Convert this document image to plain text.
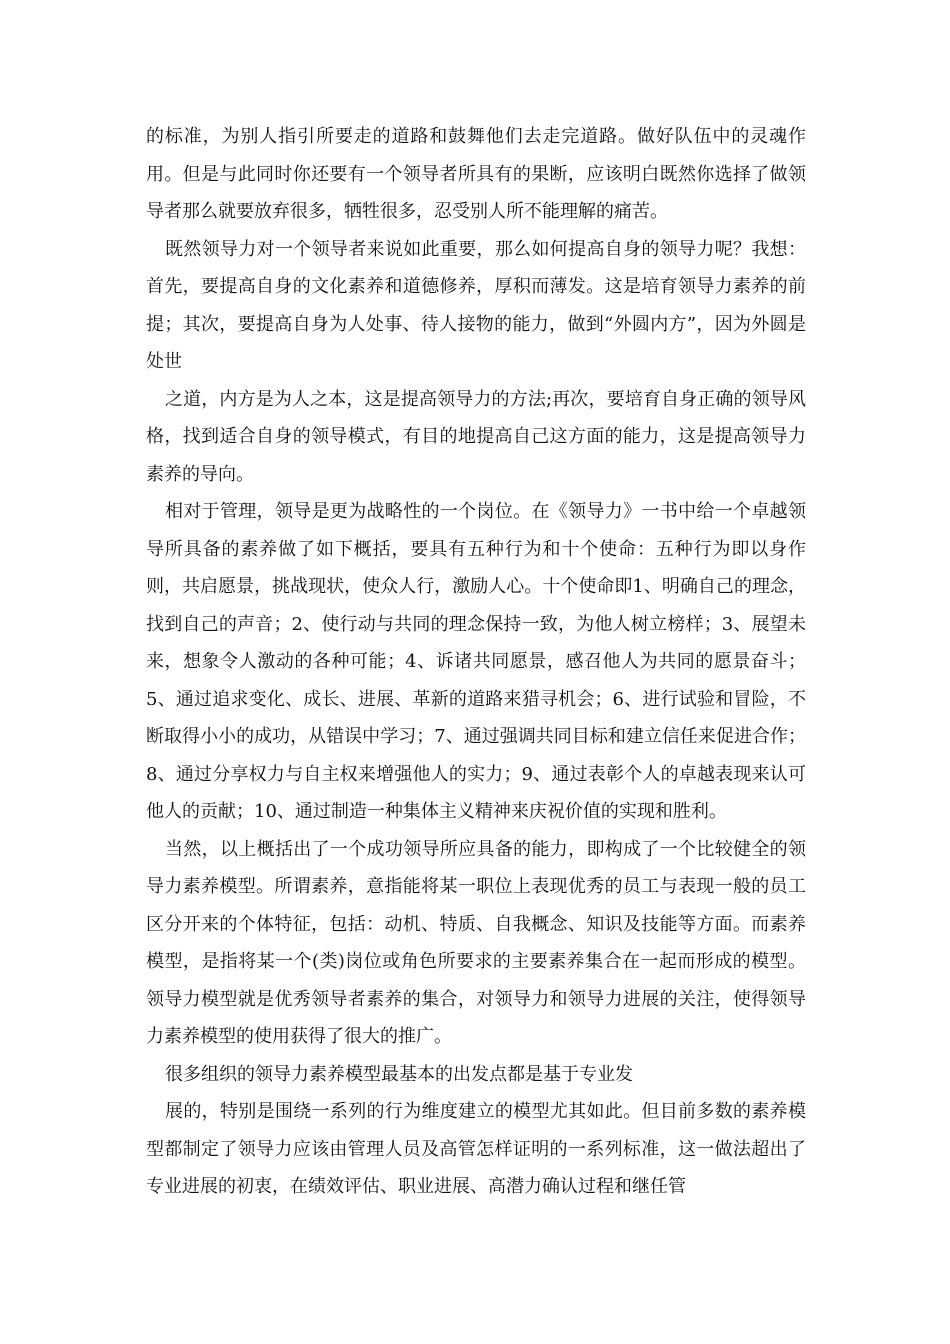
的标准，为别人指引所要走的道路和鼓舞他们去走完道路。做好队伍中的灵魂作用。但是与此同时你还要有一个领导者所具有的果断，应该明白既然你选择了做领导者那么就要放弃很多，牺牲很多，忍受别人所不能理解的痛苦。

既然领导力对一个领导者来说如此重要，那么如何提高自身的领导力呢？我想：首先，要提高自身的文化素养和道德修养，厚积而薄发。这是培育领导力素养的前提；其次，要提高自身为人处事、待人接物的能力，做到“外圆内方”，因为外圆是处世

之道，内方是为人之本，这是提高领导力的方法;再次，要培育自身正确的领导风格，找到适合自身的领导模式，有目的地提高自己这方面的能力，这是提高领导力素养的导向。

相对于管理，领导是更为战略性的一个岗位。在《领导力》一书中给一个卓越领导所具备的素养做了如下概括，要具有五种行为和十个使命：五种行为即以身作则，共启愿景，挑战现状，使众人行，激励人心。十个使命即1、明确自己的理念，找到自己的声音；2、使行动与共同的理念保持一致，为他人树立榜样；3、展望未来，想象令人激动的各种可能；4、诉诸共同愿景，感召他人为共同的愿景奋斗；5、通过追求变化、成长、进展、革新的道路来猎寻机会；6、进行试验和冒险，不断取得小小的成功，从错误中学习；7、通过强调共同目标和建立信任来促进合作；8、通过分享权力与自主权来增强他人的实力；9、通过表彰个人的卓越表现来认可他人的贡献；10、通过制造一种集体主义精神来庆祝价值的实现和胜利。

当然，以上概括出了一个成功领导所应具备的能力，即构成了一个比较健全的领导力素养模型。所谓素养，意指能将某一职位上表现优秀的员工与表现一般的员工区分开来的个体特征，包括：动机、特质、自我概念、知识及技能等方面。而素养模型，是指将某一个(类)岗位或角色所要求的主要素养集合在一起而形成的模型。领导力模型就是优秀领导者素养的集合，对领导力和领导力进展的关注，使得领导力素养模型的使用获得了很大的推广。

很多组织的领导力素养模型最基本的出发点都是基于专业发

展的，特别是围绕一系列的行为维度建立的模型尤其如此。但目前多数的素养模型都制定了领导力应该由管理人员及高管怎样证明的一系列标准，这一做法超出了专业进展的初衷，在绩效评估、职业进展、高潜力确认过程和继任管
